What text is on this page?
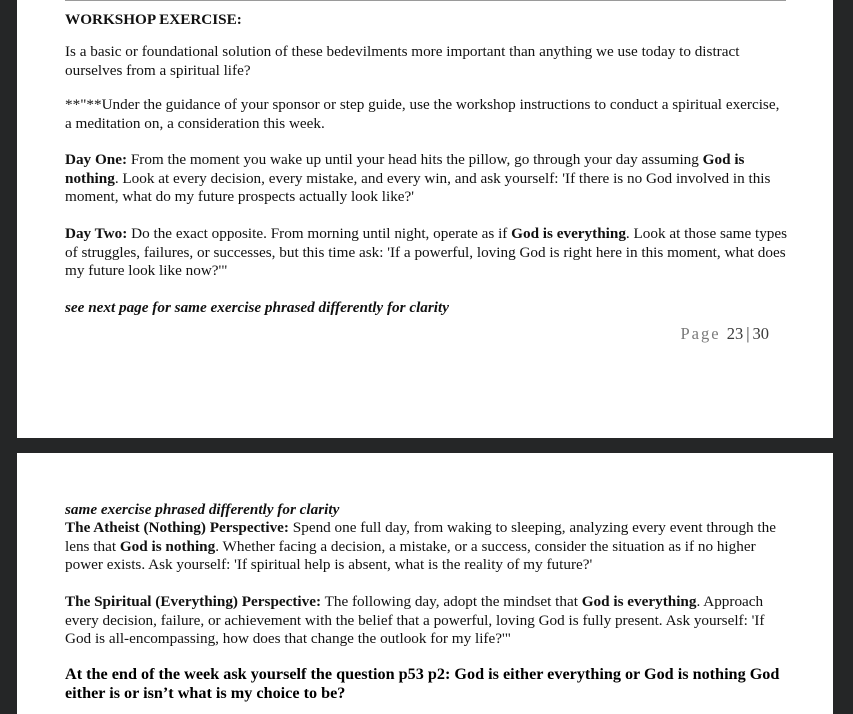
WORKSHOP EXERCISE:

Is a basic or foundational solution of these bedevilments more important than anything we use today to distract ourselves from a spiritual life?

**"**Under the guidance of your sponsor or step guide, use the workshop instructions to conduct a spiritual exercise, a meditation on, a consideration this week.

Day One: From the moment you wake up until your head hits the pillow, go through your day assuming God is nothing. Look at every decision, every mistake, and every win, and ask yourself: 'If there is no God involved in this moment, what do my future prospects actually look like?'

Day Two: Do the exact opposite. From morning until night, operate as if God is everything. Look at those same types of struggles, failures, or successes, but this time ask: 'If a powerful, loving God is right here in this moment, what does my future look like now?'"

see next page for same exercise phrased differently for clarity

Page 23 | 30

same exercise phrased differently for clarity

The Atheist (Nothing) Perspective: Spend one full day, from waking to sleeping, analyzing every event through the lens that God is nothing. Whether facing a decision, a mistake, or a success, consider the situation as if no higher power exists. Ask yourself: 'If spiritual help is absent, what is the reality of my future?'

The Spiritual (Everything) Perspective: The following day, adopt the mindset that God is everything. Approach every decision, failure, or achievement with the belief that a powerful, loving God is fully present. Ask yourself: 'If God is all-encompassing, how does that change the outlook for my life?'"

At the end of the week ask yourself the question p53 p2: God is either everything or God is nothing God either is or isn’t what is my choice to be?
